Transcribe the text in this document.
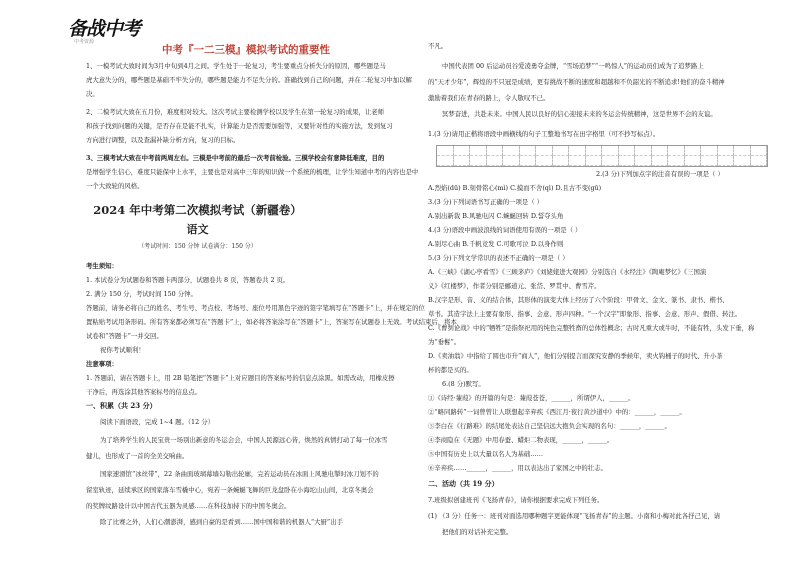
备战中考
中考资源
中考『一二三模』模拟考试的重要性
1、一模考试大致时间为3月中旬到4月之间。学生处于一轮复习，考生要重点分析失分的原因，哪些题是马
虎大意失分的，哪些题是基础不牢失分的，哪些题是能力不足失分的。准确找到自己的问题，并在二轮复习中加以解
决。
2、二模考试大致在五月份，难度相对较大。这次考试主要检测学校以及学生在第一轮复习的成果，让老师
和孩子找到问题的关键，是否存在是能不扎实，计算能力是否需要加强等，又要针对性的实施方法，发到复习
方向进行调整，以及查漏补缺分析方向，复习的目标。
3、三模考试大致在中考前两周左右。三模是中考前的最后一次考前检验。三模学校会有意降低难度，目的
是增强学生信心，难度只能保中上水平，主要也是对高中三年的知识做一个系统的梳理，让学生知道中考的内容也是中
一个大致轮的风格。
2024 年中考第二次模拟考试（新疆卷）
语文
（考试时间：150 分钟 试卷满分：150 分）
考生须知：
1. 本试卷分为试题卷和答题卡两部分，试题卷共 8 页，答题卷共 2 页。
2. 满分 150 分，考试时间 150 分钟。
答题前，请务必将自己的姓名、考生号、考点校、考场号、座位号用黑色字迹的签字笔填写在“答题卡”上，并在规定的位
置粘贴考试用条形码。所有答案都必须写在“答题卡”上，如必将答案涂写在“答题卡”上，答案写在试题卷上无效。考试结束后，将本
试卷和“答题卡”一并交回。
祝你考试顺利！
注意事项：
1. 答题前，请在答题卡上，用 2B 铅笔把“答题卡”上对应题目的答案标号的信息点涂黑。如需改动，用橡皮擦
干净后，再选涂其他答案标号的信息点。
一、积累（共 23 分）
阅读下面语段，完成 1~4 题。（12 分）
为了培养学生的人民宝贵一场别出新意的冬运会会，中国人民源远心皆，焕然的真情打动了每一位冰雪
健儿，也形成了一首的全美交响曲。
国家速滑馆“冰丝带”，22 条曲面玻璃幕墙勾勒出轮廓，完若运动员在冰面上风驰电掣时冰刀划不的
留室轨迹，延续承区的国家落车雪橇中心，宛若一条蜿蜒飞舞的巨龙盘卧在小海坨山山间，北京冬奥会
的奖牌纹路设计以中国古代玉器为灵感……在科技加持下的中国冬奥会。
除了比赛之外，人们心潮澎湃，感到自豪的是看到……国中国和谐的机器人“大厨”出手
不凡。
中国代表团 00 后运动员谷爱凌勇夺金牌，“雪场追梦”“一鸣惊人”的运动员们成为了追梦路上
的“天才少年”，辉煌的不只冠是成绩，更有挑战不断的速度和超越和不负韶光的不断追求!他们的奋斗精神
激励着我们在青春的路上，令人敬叹不已。
冥梦奋进，共赴未来。中国人民以良好的信心迎接未来的冬运会传统精神，这是世界不会的友谊。
1.(3 分)请用正楷将语段中画横线的句子工整地书写在田字格里（可不抄写标点）。
2.(3 分)下列加点字的注音有误的一项是（ ）
A.烈焰(dū) B.刻骨铭心(mì) C.摸而不舍(qì) D.且古不变(gū)
3.(3 分)下列词语书写正确的一项是（ ）
A.别出新裁 B.风驰电闪 C.蜿蜒回转 D.誓夺头角
4.(3 分)语段中画波浪线的词语使用有误的一项是（ ）
A.别尽心曲 B.千帆竞发 C.可歌可泣 D.以身作则
5.(3 分)下列文学常识的表述不正确的一项是（ ）
A.《三峡》《湖心亭看雪》《三顾茅庐》《刘姥姥进大观园》分别选自《水经注》《陶庵梦忆》《三国演
义》《红楼梦》，作者分别是郦道元、张岱、罗贯中、曹雪芹。
B.汉字是形、音、义的结合体，其形体的演变大体上经历了六个阶段：甲骨文、金文、篆书、隶书、楷书、
草书。其造字法上主要有象形、指事、会意、形声四种。“一个汉字”即象形、指事、会意、形声、假借、转注。
C.《曹刿论战》中的“牺牲”是指祭祀用的纯色完整牲畜的总体性概念；古时凡重大或牛时，不能有牲，头发下垂，称
为“垂髫”。
D.《卖油翁》中指给了圆也市升“商人”，他们分别提言而深究安静的季候年，卖火钩桶子的时代、升小茶
杯的都是买的。
6.(8 分)默写。
①《诗经·蒹葭》的开篇的句是：蒹葭苍苍，______，所谓伊人，______。
②“略同路转”一词曾曾让人联想起辛弃疾《西江月·夜行黄沙道中》中的：______，______。
③李白在《行路难》的结尾处表达自己坚信远大抱负会实现的名句：______，______。
④李商隐在《无题》中用春蚕、蜡炬二物表现，______，______。
⑤中国有历史上以大量以名人为基础……
⑥辛弃疾……______，______，用以表达出了家国之中的壮志。
二、活动（共 19 分）
7.班级拟创建班刊《飞扬青春》，请你根据要求完成下列任务。
(1) （3 分）任务一：班刊对面选用哪种题字更能体现“飞扬青春”的主题。小南和小梅对此各抒己见，请
把他们的对话补充完整。
